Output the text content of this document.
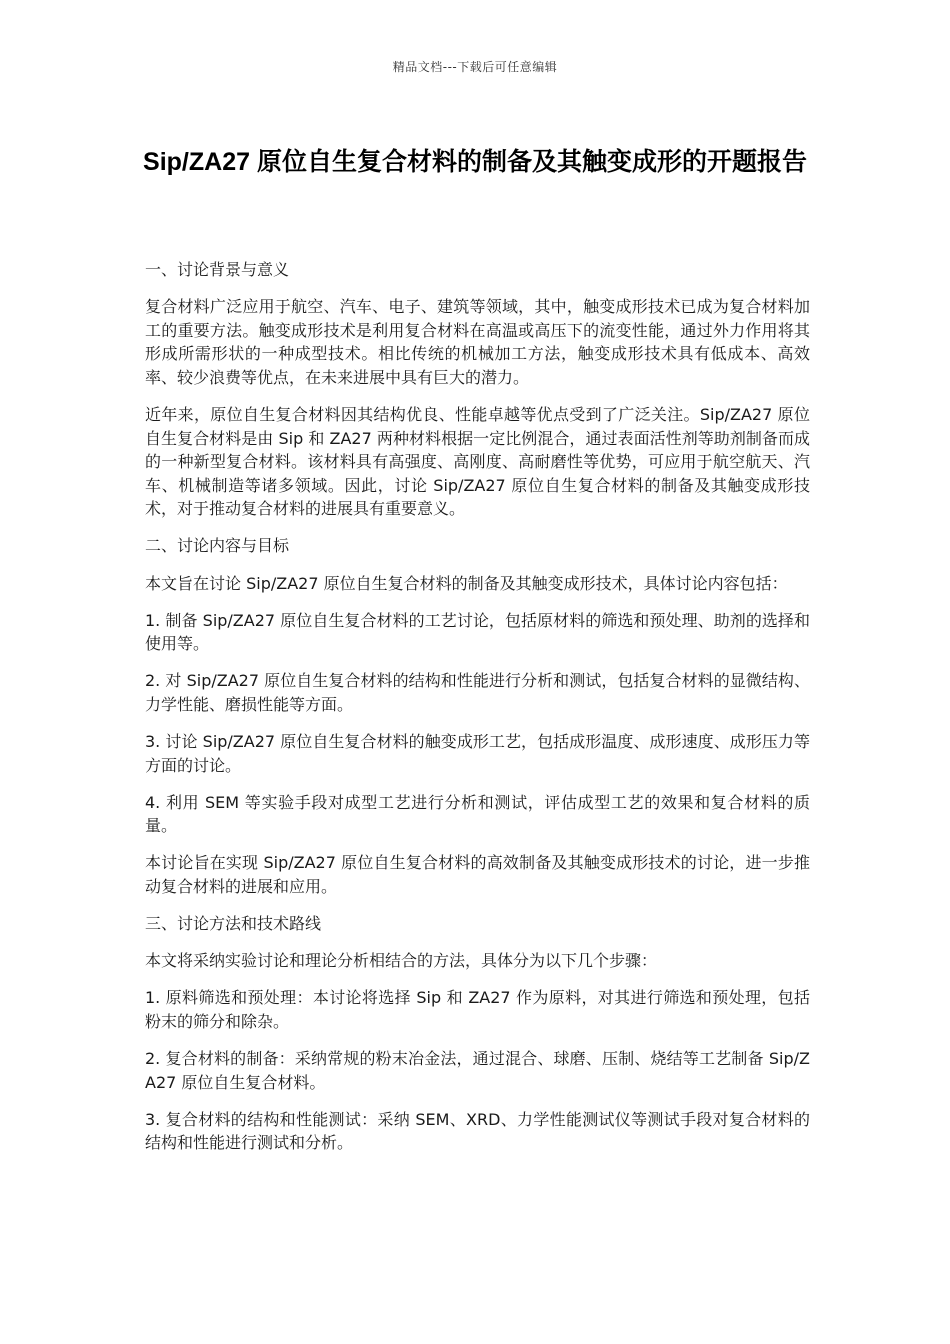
精品文档---下载后可任意编辑
Sip/ZA27 原位自生复合材料的制备及其触变成形的开题报告

一、讨论背景与意义

复合材料广泛应用于航空、汽车、电子、建筑等领域，其中，触变成形技术已成为复合材料加工的重要方法。触变成形技术是利用复合材料在高温或高压下的流变性能，通过外力作用将其形成所需形状的一种成型技术。相比传统的机械加工方法，触变成形技术具有低成本、高效率、较少浪费等优点，在未来进展中具有巨大的潜力。

近年来，原位自生复合材料因其结构优良、性能卓越等优点受到了广泛关注。Sip/ZA27 原位自生复合材料是由 Sip 和 ZA27 两种材料根据一定比例混合，通过表面活性剂等助剂制备而成的一种新型复合材料。该材料具有高强度、高刚度、高耐磨性等优势，可应用于航空航天、汽车、机械制造等诸多领域。因此，讨论 Sip/ZA27 原位自生复合材料的制备及其触变成形技术，对于推动复合材料的进展具有重要意义。

二、讨论内容与目标

本文旨在讨论 Sip/ZA27 原位自生复合材料的制备及其触变成形技术，具体讨论内容包括：

1. 制备 Sip/ZA27 原位自生复合材料的工艺讨论，包括原材料的筛选和预处理、助剂的选择和使用等。

2. 对 Sip/ZA27 原位自生复合材料的结构和性能进行分析和测试，包括复合材料的显微结构、力学性能、磨损性能等方面。

3. 讨论 Sip/ZA27 原位自生复合材料的触变成形工艺，包括成形温度、成形速度、成形压力等方面的讨论。

4. 利用 SEM 等实验手段对成型工艺进行分析和测试，评估成型工艺的效果和复合材料的质量。

本讨论旨在实现 Sip/ZA27 原位自生复合材料的高效制备及其触变成形技术的讨论，进一步推动复合材料的进展和应用。

三、讨论方法和技术路线

本文将采纳实验讨论和理论分析相结合的方法，具体分为以下几个步骤：

1. 原料筛选和预处理：本讨论将选择 Sip 和 ZA27 作为原料，对其进行筛选和预处理，包括粉末的筛分和除杂。

2. 复合材料的制备：采纳常规的粉末冶金法，通过混合、球磨、压制、烧结等工艺制备 Sip/ZA27 原位自生复合材料。

3. 复合材料的结构和性能测试：采纳 SEM、XRD、力学性能测试仪等测试手段对复合材料的结构和性能进行测试和分析。
